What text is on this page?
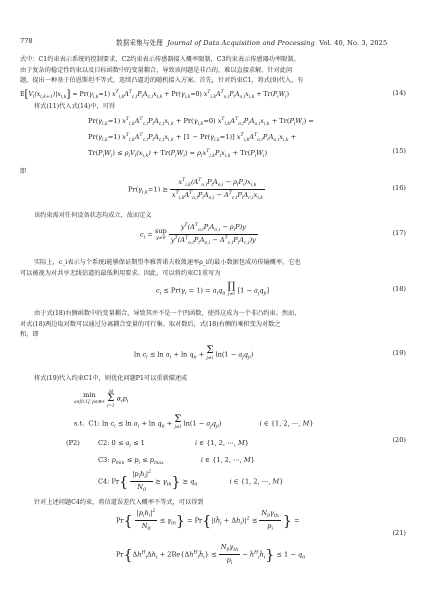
778	数据采集与处理 Journal of Data Acquisition and Processing Vol. 40, No. 3, 2025
式中：C1约束表示系统的控制要求，C2约束表示传感器接入概率限制，C3约束表示传感器功率限制。
由于复杂的稳定性约束以及目标函数中的变量耦合，导致该问题是非凸的，难以直接求解。针对此问
题，提出一种基于伯恩斯坦不等式、连续凸逼近的随机接入方案。首先，针对约束C1，将式(9)代入，有
$E[V_i(x_{i,k+1})|x_{i,k}] = Pr(\gamma_{i,k}=1) x^T_{i,k}A^T_{c,i}P_iA_{c,i}x_{i,k} + Pr(\gamma_{i,k}=0) x^T_{i,k}A^T_{o,i}P_iA_{o,i}x_{i,k} + Tr(P_iW_i)$	(14)
将式(11)代入式(14)中，可得
$Pr(\gamma_{i,k}=1) x^T_{i,k}A^T_{c,i}P_iA_{c,i}x_{i,k} + Pr(\gamma_{i,k}=0) x^T_{i,k}A^T_{o,i}P_iA_{o,i}x_{i,k} + Tr(P_iW_i)$ =
$Pr(\gamma_{i,k}=1) x^T_{i,k}A^T_{c,i}P_iA_{c,i}x_{i,k} + [1 - Pr(\gamma_{i,k}=1)] x^T_{i,k}A^T_{o,i}P_iA_{o,i}x_{i,k}$ +
$Tr(P_iW_i) \le \rho_iV_i(x_{i,k}) + Tr(P_iW_i) = \rho_ix^T_{i,k}P_ix_{i,k} + Tr(P_iW_i)$	(15)
即
$Pr(\gamma_{i,k}=1) \ge \frac{x^T_{i,k}(A^T_{o,i}P_iA_{o,i} - \rho_iP_i)x_{i,k}}{x^T_{i,k}A^T_{o,i}P_iA_{o,i} - A^T_{c,i}P_iA_{c,i}x_{i,k}}$	(16)
该约束需对任何设备状态均成立，故而定义
$c_i$ = sup
$y\ne 0 \frac{y^T(A^T_{o,i}P_iA_{o,i} - \rho_iP)y}{y^T(A^T_{o,i}P_iA_{o,i} - A^T_{c,i}P_iA_{c,i})y}$	(17)
实际上，c_i表示与个系统i能够保证期望李雅普诺夫收敛速率ρ_i的最小数据包成功传输概率，它也
可以被视为对共享无线信道的最低利用要求。因此，可以将约束C1重写为
$c_i \le Pr(\gamma_i = 1) = a_iq_{ii}$ ∏
j≠i $[1 - a_jq_{ji}]$	(18)
由于式(18)右侧函数中的变量耦合，导致其并不是一个凹函数，使得这成为一个非凸约束。然而，
对式(18)两边取对数可以通过分离耦合变量的可行集。取对数后，式(18)右侧的乘积变为对数之
和，即
$\ln c_i \le \ln a_i + \ln q_{ii} + \Sigma$
j≠i $\ln(1 - a_jq_{ji})$	(19)
将式(19)代入约束C1中，则优化问题P1可以重新描述成
min
a∈[0,1], p∈ℝ+ M
Σ
i=1 $\alpha_ip_i$
s.t.  C1: $\ln c_i \le \ln a_i + \ln q_{ii} + \Sigma$
j≠i $\ln(1 - a_jq_{ji})$	i ∈ {1, 2, ⋯, M}
(P2)	C2: $0 \le a_i \le 1$	i ∈ {1, 2, ⋯, M}	(20)
C3: $p_{min} \le p_i \le p_{max}$	i ∈ {1, 2, ⋯, M}
C4: $Pr\{ \frac{|p_ih_i|^2}{N_0} \ge \gamma_{th}\} \ge q_{ii}$	i ∈ {1, 2, ⋯, M}
针对上述问题C4约束，将信道误差代入概率不等式，可以得到
$Pr\{ \frac{|p_ih_i|^2}{N_0} \le \gamma_{th}\}$ = $Pr\{|(ĥ_i + \Delta h_i)|^2 \le \frac{N_0\gamma_{th}}{p_i}$ } =
$Pr\{\Delta h^H_i\Delta h_i$ + $2Re\{\Delta h^H_iĥ_i\} \le \frac{N_0\gamma_{th}}{p_i}$ − $ĥ^H_iĥ_i\} \le 1 - q_{ii}$
(21)
